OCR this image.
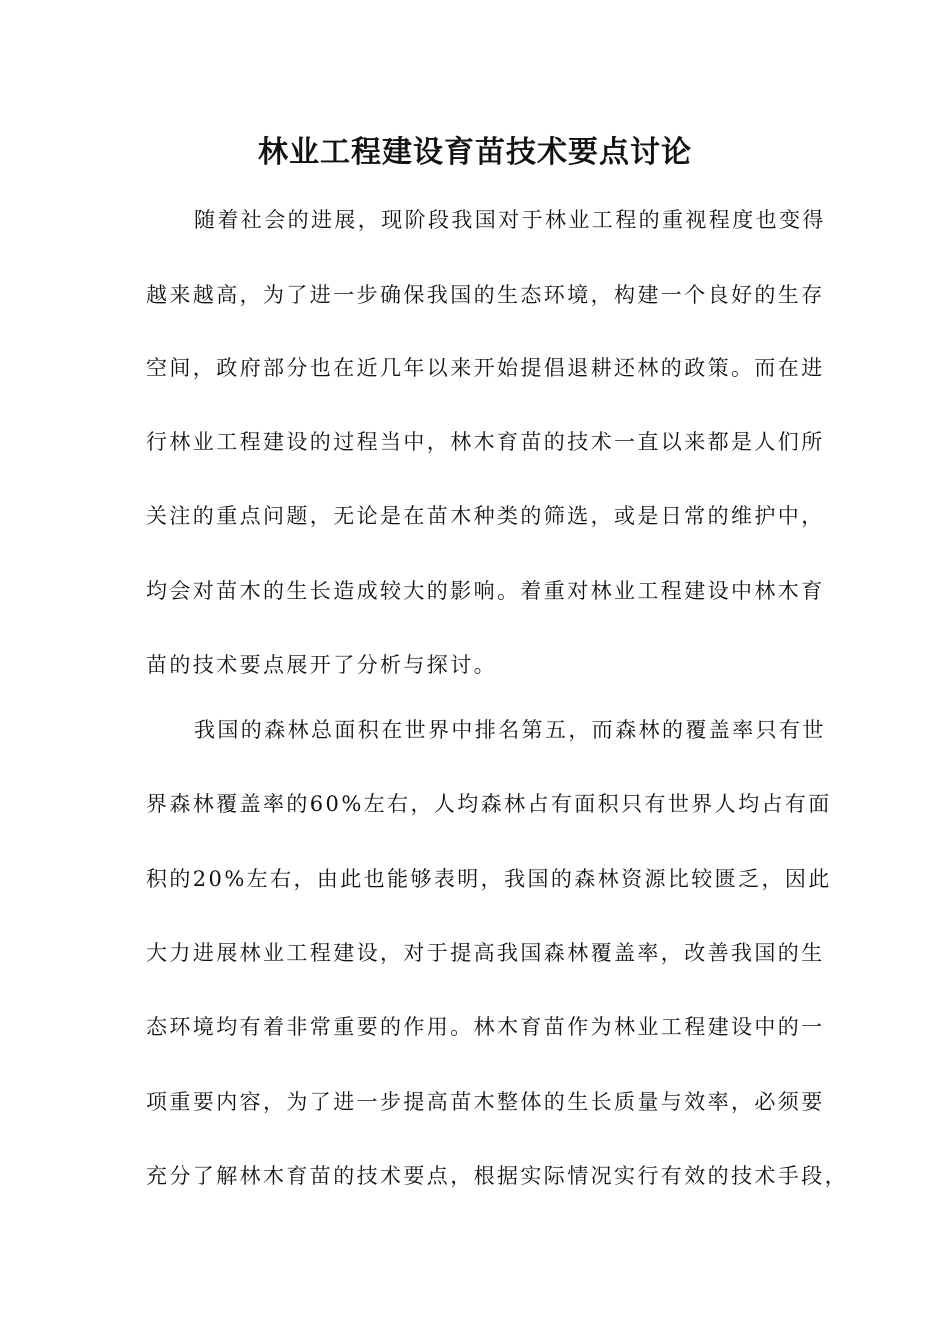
林业工程建设育苗技术要点讨论

随着社会的进展，现阶段我国对于林业工程的重视程度也变得

越来越高，为了进一步确保我国的生态环境，构建一个良好的生存

空间，政府部分也在近几年以来开始提倡退耕还林的政策。而在进

行林业工程建设的过程当中，林木育苗的技术一直以来都是人们所

关注的重点问题，无论是在苗木种类的筛选，或是日常的维护中，

均会对苗木的生长造成较大的影响。着重对林业工程建设中林木育

苗的技术要点展开了分析与探讨。

我国的森林总面积在世界中排名第五，而森林的覆盖率只有世

界森林覆盖率的60%左右，人均森林占有面积只有世界人均占有面

积的20%左右，由此也能够表明，我国的森林资源比较匮乏，因此

大力进展林业工程建设，对于提高我国森林覆盖率，改善我国的生

态环境均有着非常重要的作用。林木育苗作为林业工程建设中的一

项重要内容，为了进一步提高苗木整体的生长质量与效率，必须要

充分了解林木育苗的技术要点，根据实际情况实行有效的技术手段，
